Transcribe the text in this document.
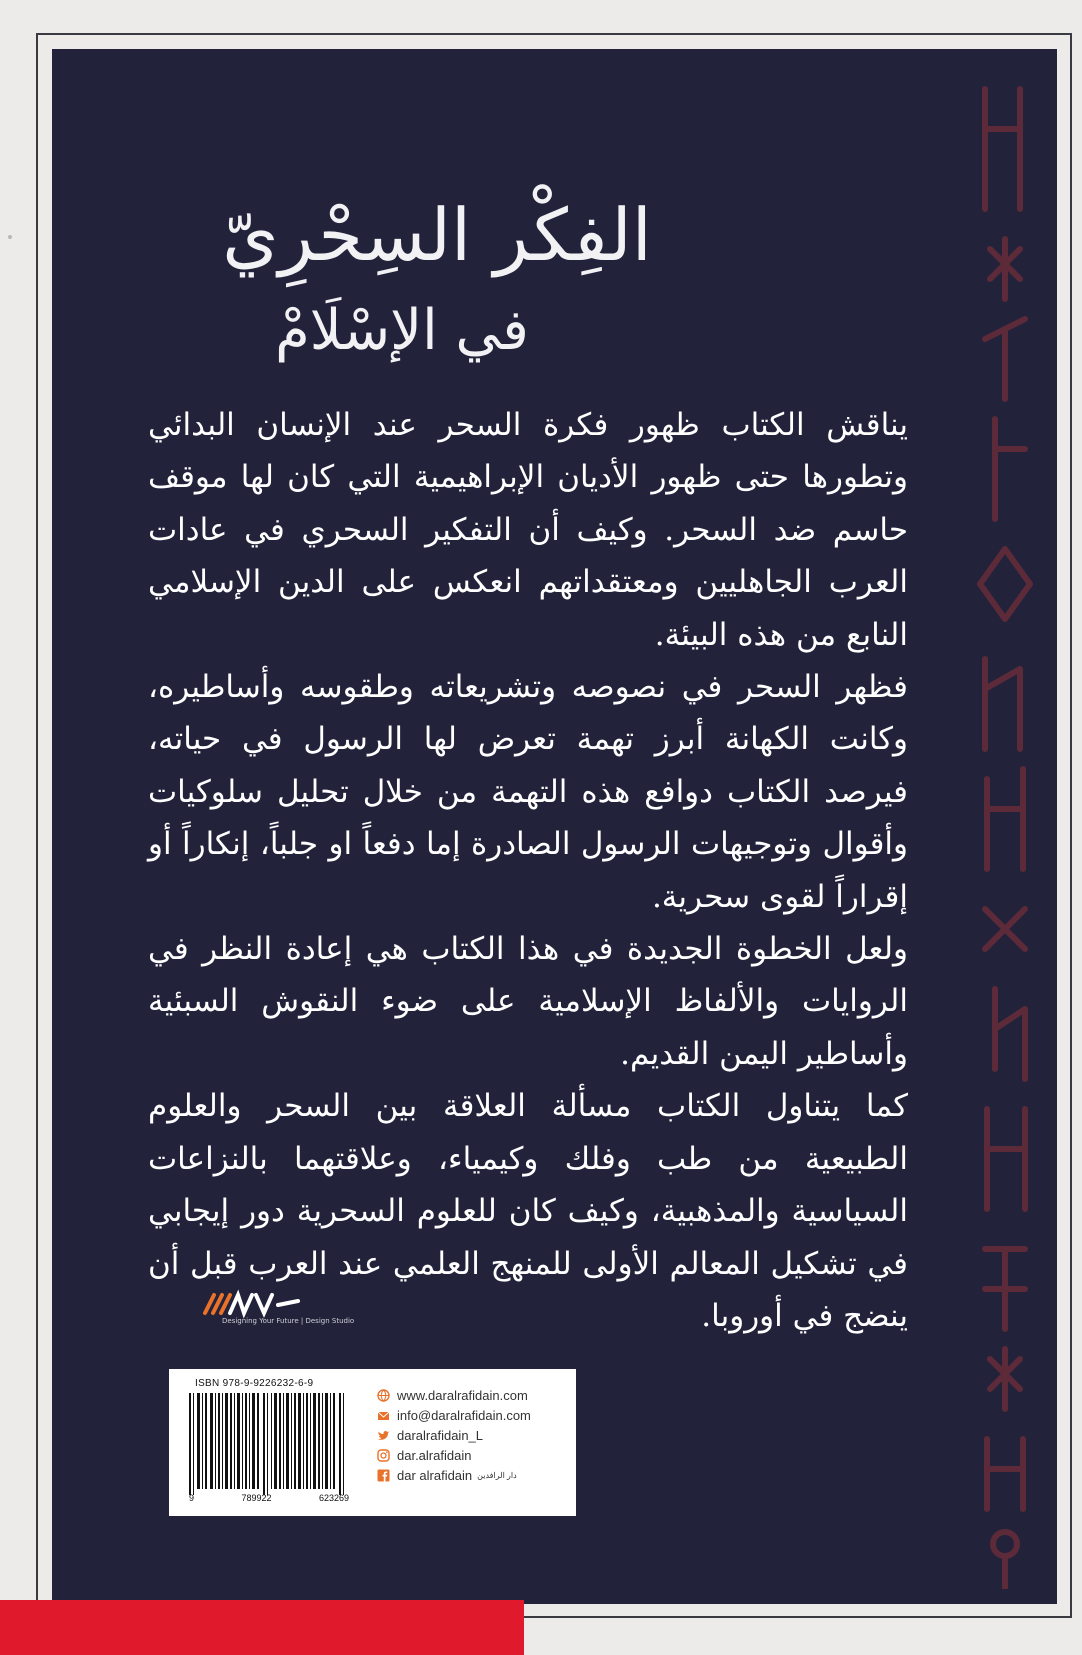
الفِكْر السِحْرِيّ
في الإسْلَامْ

يناقش الكتاب ظهور فكرة السحر عند الإنسان البدائي وتطورها حتى ظهور الأديان الإبراهيمية التي كان لها موقف حاسم ضد السحر. وكيف أن التفكير السحري في عادات العرب الجاهليين ومعتقداتهم انعكس على الدين الإسلامي النابع من هذه البيئة.

فظهر السحر في نصوصه وتشريعاته وطقوسه وأساطيره، وكانت الكهانة أبرز تهمة تعرض لها الرسول في حياته، فيرصد الكتاب دوافع هذه التهمة من خلال تحليل سلوكيات وأقوال وتوجيهات الرسول الصادرة إما دفعاً او جلباً، إنكاراً أو إقراراً لقوى سحرية.

ولعل الخطوة الجديدة في هذا الكتاب هي إعادة النظر في الروايات والألفاظ الإسلامية على ضوء النقوش السبئية وأساطير اليمن القديم.

كما يتناول الكتاب مسألة العلاقة بين السحر والعلوم الطبيعية من طب وفلك وكيمياء، وعلاقتهما بالنزاعات السياسية والمذهبية، وكيف كان للعلوم السحرية دور إيجابي في تشكيل المعالم الأولى للمنهج العلمي عند العرب قبل أن ينضج في أوروبا.

Designing Your Future | Design Studio
ISBN 978-9-9226232-6-9
9	789922	623269
www.daralrafidain.com
info@daralrafidain.com
daralrafidain_L
dar.alrafidain
dar alrafidain دار الرافدين
